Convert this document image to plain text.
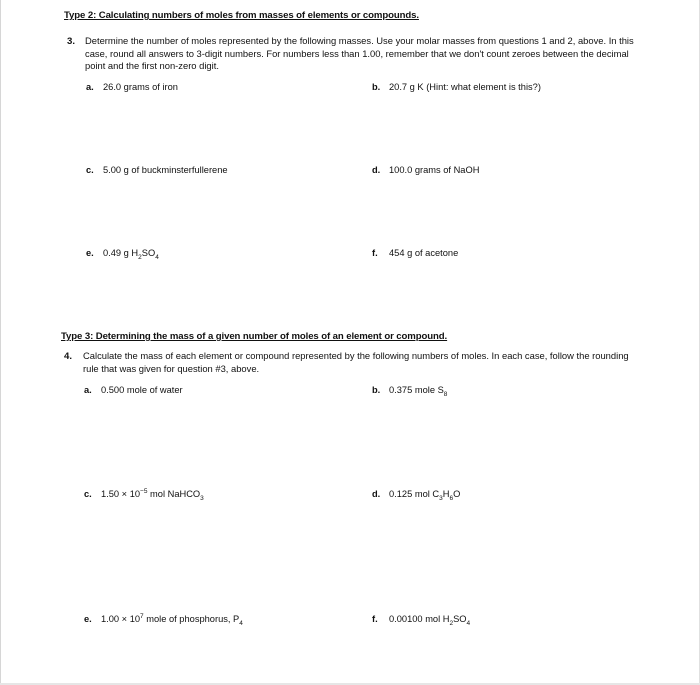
Type 2: Calculating numbers of moles from masses of elements or compounds.
3. Determine the number of moles represented by the following masses. Use your molar masses from questions 1 and 2, above. In this case, round all answers to 3-digit numbers. For numbers less than 1.00, remember that we don't count zeroes between the decimal point and the first non-zero digit.
a. 26.0 grams of iron	b. 20.7 g K (Hint: what element is this?)
c. 5.00 g of buckminsterfullerene	d. 100.0 grams of NaOH
e. 0.49 g $H_2SO_4$	f. 454 g of acetone
Type 3: Determining the mass of a given number of moles of an element or compound.
4. Calculate the mass of each element or compound represented by the following numbers of moles. In each case, follow the rounding rule that was given for question #3, above.
a. 0.500 mole of water	b. 0.375 mole $S_8$
c. $1.50 \times 10^{-5}$ mol NaHCO$_3$	d. 0.125 mol $C_3H_6O$
e. $1.00 \times 10^7$ mole of phosphorus, $P_4$	f. 0.00100 mol $H_2SO_4$
